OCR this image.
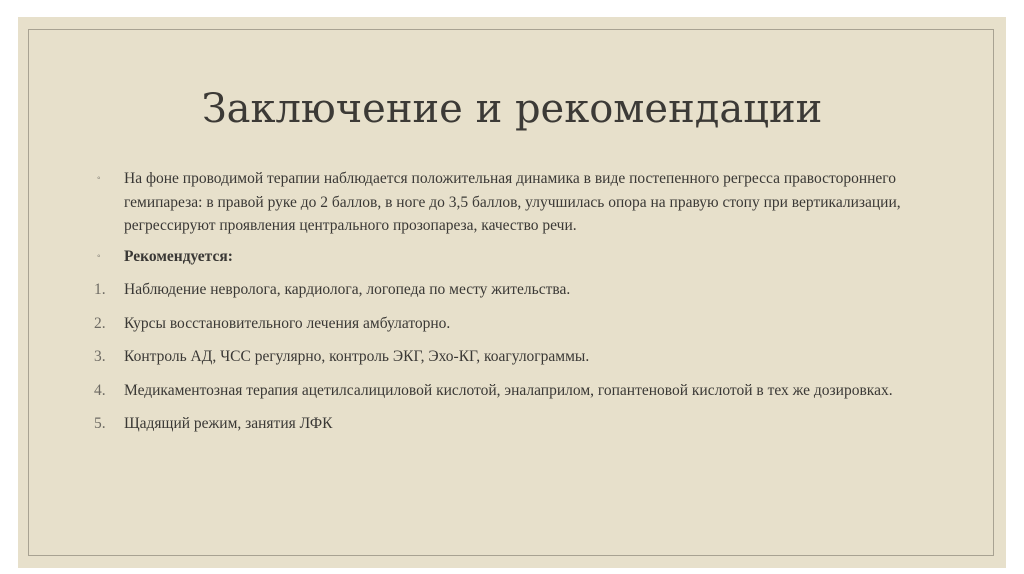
Заключение и рекомендации
◦	На фоне проводимой терапии наблюдается положительная динамика в виде постепенного регресса правостороннего гемипареза: в правой руке до 2 баллов, в ноге до 3,5 баллов, улучшилась опора на правую стопу при вертикализации, регрессируют проявления центрального прозопареза, качество речи.
◦	Рекомендуется:
1.	Наблюдение невролога, кардиолога, логопеда по месту жительства.
2.	Курсы восстановительного лечения амбулаторно.
3.	Контроль АД, ЧСС регулярно, контроль ЭКГ, Эхо-КГ, коагулограммы.
4.	Медикаментозная терапия ацетилсалициловой кислотой, эналаприлом, гопантеновой кислотой в тех же дозировках.
5.	Щадящий режим, занятия ЛФК
